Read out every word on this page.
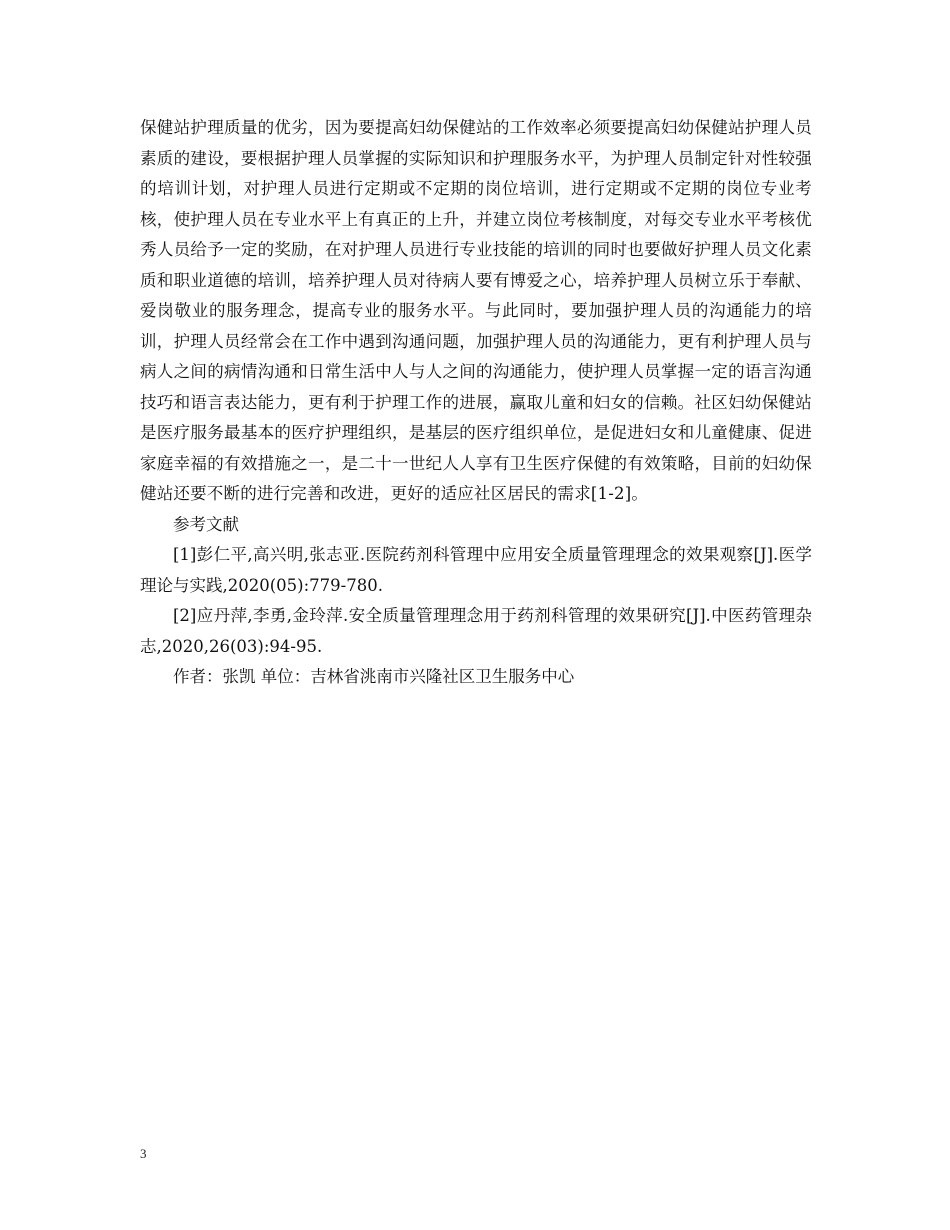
保健站护理质量的优劣，因为要提高妇幼保健站的工作效率必须要提高妇幼保健站护理人员素质的建设，要根据护理人员掌握的实际知识和护理服务水平，为护理人员制定针对性较强的培训计划，对护理人员进行定期或不定期的岗位培训，进行定期或不定期的岗位专业考核，使护理人员在专业水平上有真正的上升，并建立岗位考核制度，对每交专业水平考核优秀人员给予一定的奖励，在对护理人员进行专业技能的培训的同时也要做好护理人员文化素质和职业道德的培训，培养护理人员对待病人要有博爱之心，培养护理人员树立乐于奉献、爱岗敬业的服务理念，提高专业的服务水平。与此同时，要加强护理人员的沟通能力的培训，护理人员经常会在工作中遇到沟通问题，加强护理人员的沟通能力，更有利护理人员与病人之间的病情沟通和日常生活中人与人之间的沟通能力，使护理人员掌握一定的语言沟通技巧和语言表达能力，更有利于护理工作的进展，赢取儿童和妇女的信赖。社区妇幼保健站是医疗服务最基本的医疗护理组织，是基层的医疗组织单位，是促进妇女和儿童健康、促进家庭幸福的有效措施之一，是二十一世纪人人享有卫生医疗保健的有效策略，目前的妇幼保健站还要不断的进行完善和改进，更好的适应社区居民的需求[1-2]。

参考文献

[1]彭仁平,高兴明,张志亚.医院药剂科管理中应用安全质量管理理念的效果观察[J].医学理论与实践,2020(05):779-780.

[2]应丹萍,李勇,金玲萍.安全质量管理理念用于药剂科管理的效果研究[J].中医药管理杂志,2020,26(03):94-95.

作者：张凯 单位：吉林省洮南市兴隆社区卫生服务中心

3
